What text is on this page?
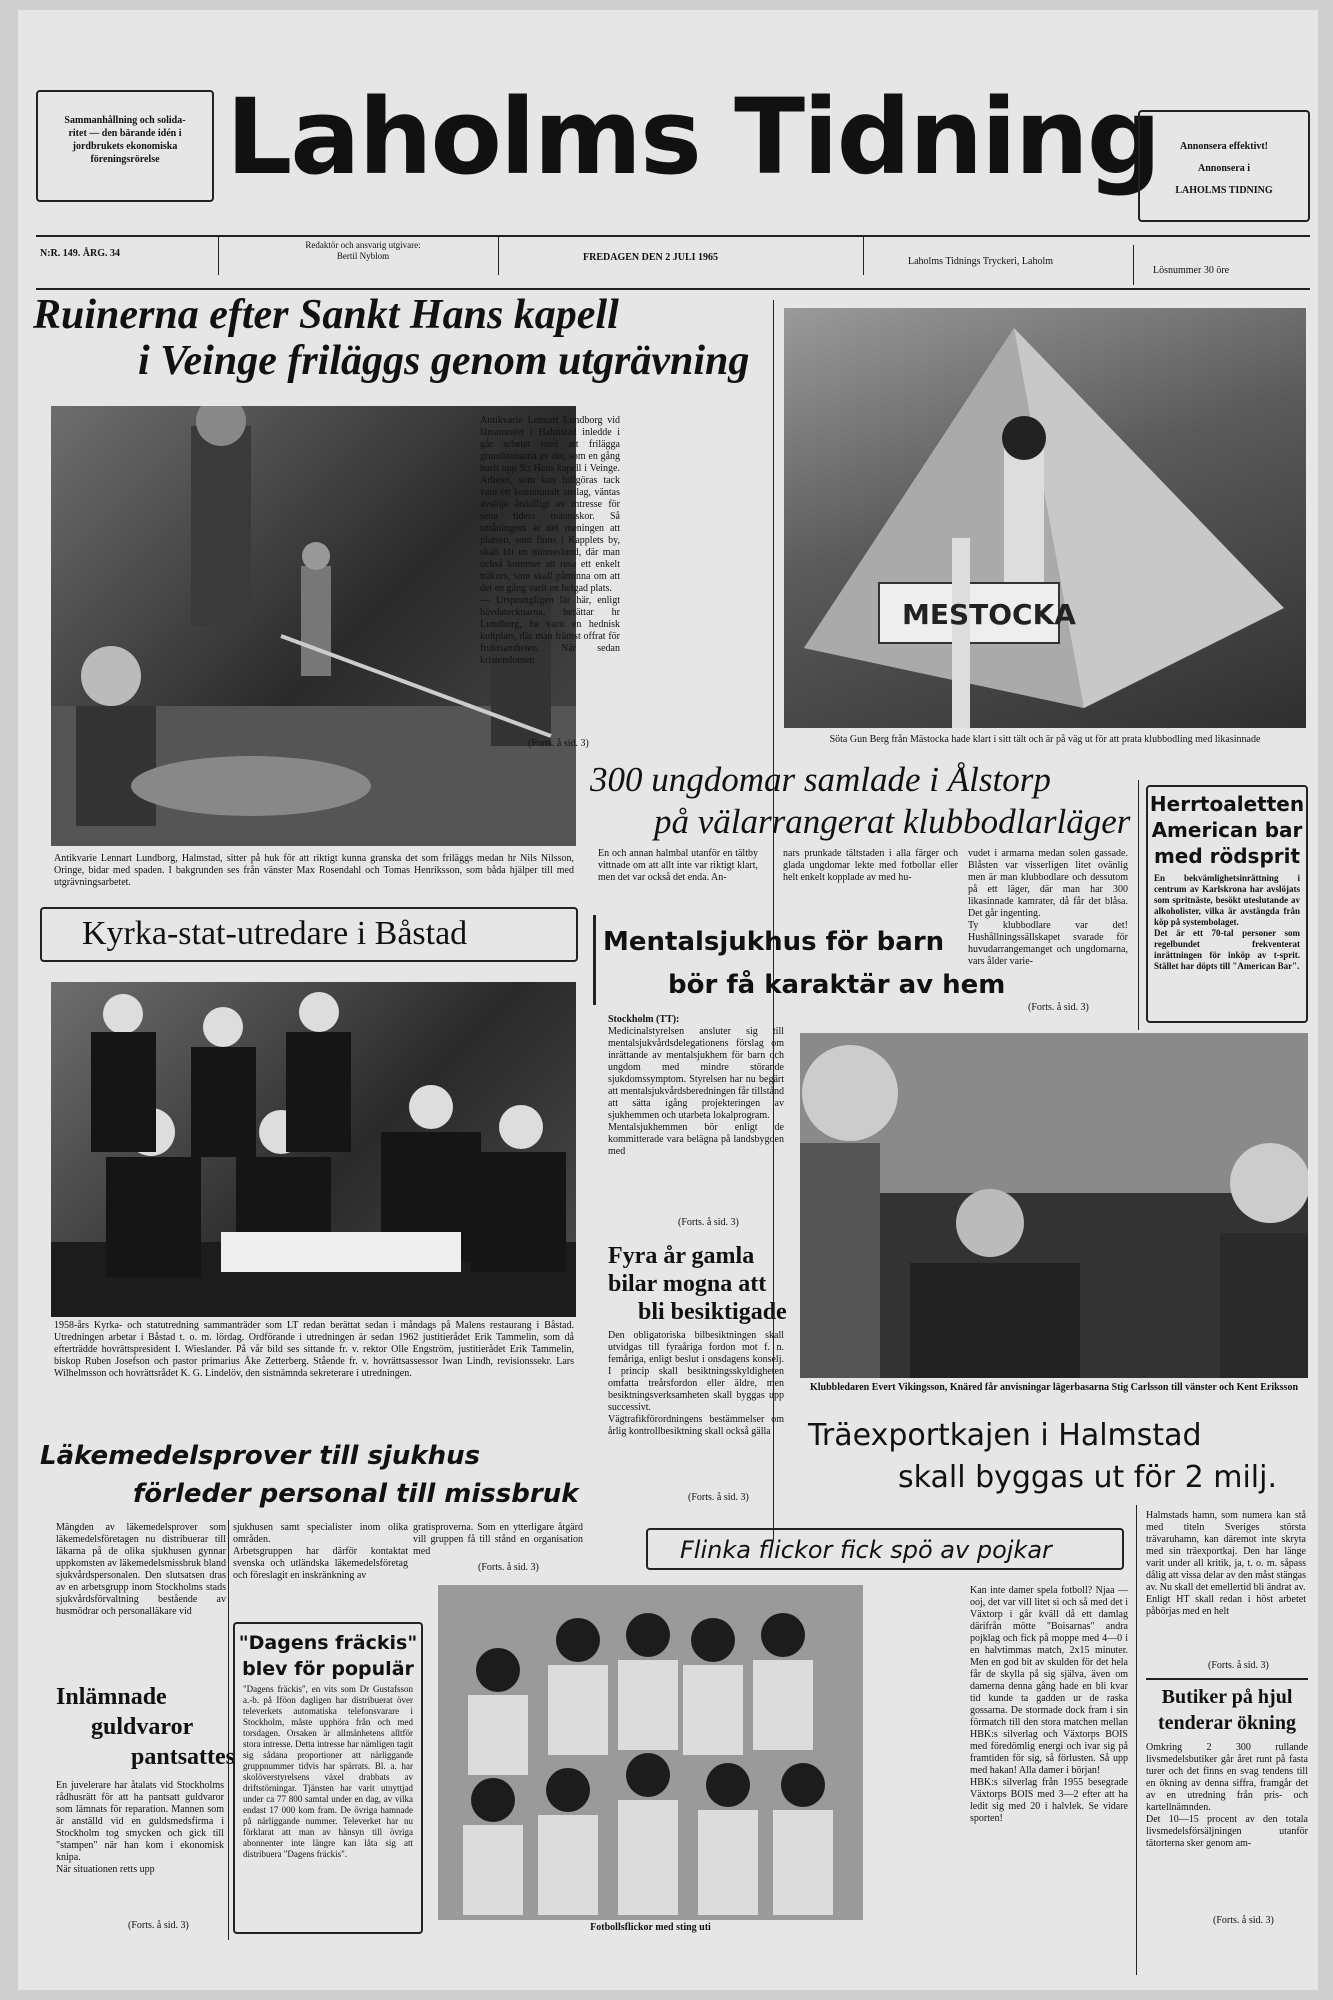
Sammanhållning och solida-
ritet — den bärande idén i
jordbrukets ekonomiska
föreningsrörelse Laholms Tidning	Annonsera effektivt!
Annonsera i
LAHOLMS TIDNING
N:R. 149. ÅRG. 34
Redaktör och ansvarig utgivare:
Bertil Nyblom	FREDAGEN DEN 2 JULI 1965	Laholms Tidnings Tryckeri, Laholm
Lösnummer 30 öre
Ruinerna efter Sankt Hans kapell
i Veinge friläggs genom utgrävning
Antikvarie Lennart Lundborg vid länsmuséet i Halmstad inledde i går arbetet med att frilägga grundstenarna av det, som en gång burit upp S:t Hans kapell i Veinge. Arbetet, som kan fullgöras tack vare ett kommunalt anslag, väntas avslöja åtskilligt av intresse för sena tiders människor. Så småningom är det meningen att platsen, som finns i Kapplets by, skall bli en minneslund, där man också kommer att resa ett enkelt träkors, som skall påminna om att det en gång varit en helgad plats.
— Ursprungligen lär här, enligt hävdatecknarna, berättar hr Lundborg, ha varit en hednisk kultplats, där man främst offrat för fruktsamheten. När sedan kristendomen
(Forts. å sid. 3)
Antikvarie Lennart Lundborg, Halmstad, sitter på huk för att riktigt kunna granska det som friläggs medan hr Nils Nilsson, Oringe, bidar med spaden. I bakgrunden ses från vänster Max Rosendahl och Tomas Henriksson, som båda hjälper till med utgrävningsarbetet.
MESTOCKA
Söta Gun Berg från Mästocka hade klart i sitt tält och är på väg ut för att prata klubbodling med likasinnade
300 ungdomar samlade i Ålstorp
på välarrangerat klubbodlarläger
En och annan halmbal utanför en tältby vittnade om att allt inte var riktigt klart, men det var också det enda. An-
nars prunkade tältstaden i alla färger och glada ungdomar lekte med fotbollar eller helt enkelt kopplade av med hu-
vudet i armarna medan solen gassade. Blåsten var visserligen litet ovänlig men är man klubbodlare och dessutom på ett läger, där man har 300 likasinnade kamrater, då får det blåsa. Det går ingenting.
Ty klubbodlare var det! Hushållningssällskapet svarade för huvudarrangemanget och ungdomarna, vars ålder varie-
(Forts. å sid. 3)
Herrtoaletten
American bar
med rödsprit
En bekvämlighetsinrättning i centrum av Karlskrona har avslöjats som spritnäste, besökt uteslutande av alkoholister, vilka är avstängda från köp på systembolaget.
Det är ett 70-tal personer som regelbundet frekventerat inrättningen för inköp av t-sprit. Stället har döpts till "American Bar".
Kyrka-stat-utredare i Båstad
1958-års Kyrka- och statutredning sammanträder som LT redan berättat sedan i måndags på Malens restaurang i Båstad. Utredningen arbetar i Båstad t. o. m. lördag. Ordförande i utredningen är sedan 1962 justitierådet Erik Tammelin, som då efterträdde hovrättspresident I. Wieslander. På vår bild ses sittande fr. v. rektor Olle Engström, justitierådet Erik Tammelin, biskop Ruben Josefson och pastor primarius Åke Zetterberg. Stående fr. v. hovrättsassessor Iwan Lindh, revisionssekr. Lars Wilhelmsson och hovrättsrådet K. G. Lindelöv, den sistnämnda sekreterare i utredningen.
Mentalsjukhus för barn
bör få karaktär av hem
Stockholm (TT):
Medicinalstyrelsen ansluter sig till mentalsjukvårdsdelegationens förslag om inrättande av mentalsjukhem för barn och ungdom med mindre störande sjukdomssymptom. Styrelsen har nu begärt att mentalsjukvårdsberedningen får tillstånd att sätta igång projekteringen av sjukhemmen och utarbeta lokalprogram.
Mentalsjukhemmen bör enligt de kommitterade vara belägna på landsbygden med
(Forts. å sid. 3)
Fyra år gamla
bilar mogna att
bli besiktigade
Den obligatoriska bilbesiktningen skall utvidgas till fyraåriga fordon mot f. n. femåriga, enligt beslut i onsdagens konselj. I princip skall besiktningsskyldigheten omfatta treårsfordon eller äldre, men besiktningsverksamheten skall byggas upp successivt.
Vägtrafikförordningens bestämmelser om årlig kontrollbesiktning skall också gälla
(Forts. å sid. 3)
Klubbledaren Evert Vikingsson, Knäred får anvisningar lägerbasarna Stig Carlsson till vänster och Kent Eriksson
Träexportkajen i Halmstad
skall byggas ut för 2 milj.
Halmstads hamn, som numera kan stå med titeln Sveriges största trävaruhamn, kan däremot inte skryta med sin träexportkaj. Den har länge varit under all kritik, ja, t. o. m. såpass dålig att vissa delar av den måst stängas av. Nu skall det emellertid bli ändrat av.
Enligt HT skall redan i höst arbetet påbörjas med en helt
(Forts. å sid. 3)
Butiker på hjul
tenderar ökning
Omkring 2 300 rullande livsmedelsbutiker går året runt på fasta turer och det finns en svag tendens till en ökning av denna siffra, framgår det av en utredning från pris- och kartellnämnden.
Det 10—15 procent av den totala livsmedelsförsäljningen utanför tätorterna sker genom am-
(Forts. å sid. 3)
Läkemedelsprover till sjukhus
förleder personal till missbruk
Mängden av läkemedelsprover som läkemedelsföretagen nu distribuerar till läkarna på de olika sjukhusen gynnar uppkomsten av läkemedelsmissbruk bland sjukvårdspersonalen. Den slutsatsen dras av en arbetsgrupp inom Stockholms stads sjukvårdsförvaltning bestående av husmödrar och personalläkare vid
sjukhusen samt specialister inom olika områden.
Arbetsgruppen har därför kontaktat svenska och utländska läkemedelsföretag och föreslagit en inskränkning av
gratisproverna. Som en ytterligare åtgärd vill gruppen få till stånd en organisation med
(Forts. å sid. 3)
Inlämnade
guldvaror
pantsattes
En juvelerare har åtalats vid Stockholms rådhusrätt för att ha pantsatt guldvaror som lämnats för reparation. Mannen som är anställd vid en guldsmedsfirma i Stockholm tog smycken och gick till "stampen" när han kom i ekonomisk knipa.
När situationen retts upp
(Forts. å sid. 3)
"Dagens fräckis"
blev för populär
"Dagens fräckis", en vits som Dr Gustafsson a.-b. på Iföon dagligen har distribuerat över televerkets automatiska telefonsvarare i Stockholm, måste upphöra från och med torsdagen. Orsaken är allmänhetens alltför stora intresse. Detta intresse har nämligen tagit sig sådana proportioner att närliggande gruppnummer tidvis har spärrats. Bl. a. har skolöverstyrelsens växel drabbats av driftstörningar. Tjänsten har varit utnyttjad under ca 77 800 samtal under en dag, av vilka endast 17 000 kom fram. De övriga hamnade på närliggande nummer. Televerket har nu förklarat att man av hänsyn till övriga abonnenter inte längre kan låta sig att distribuera "Dagens fräckis".
Flinka flickor fick spö av pojkar
Fotbollsflickor med sting uti
Kan inte damer spela fotboll? Njaa — ooj, det var vill litet si och så med det i Växtorp i går kväll då ett damlag därifrån mötte "Boisarnas" andra pojklag och fick på moppe med 4—0 i en halvtimmas match, 2x15 minuter. Men en god bit av skulden för det hela får de skylla på sig själva, även om damerna denna gång hade en bli kvar tid kunde ta gadden ur de raska gossarna. De stormade dock fram i sin förmatch till den stora matchen mellan HBK:s silverlag och Växtorps BOIS med föredömlig energi och ivar sig på framtiden för sig, så förlusten. Så upp med hakan! Alla damer i början!
HBK:s silverlag från 1955 besegrade Växtorps BOIS med 3—2 efter att ha ledit sig med 20 i halvlek. Se vidare sporten!
